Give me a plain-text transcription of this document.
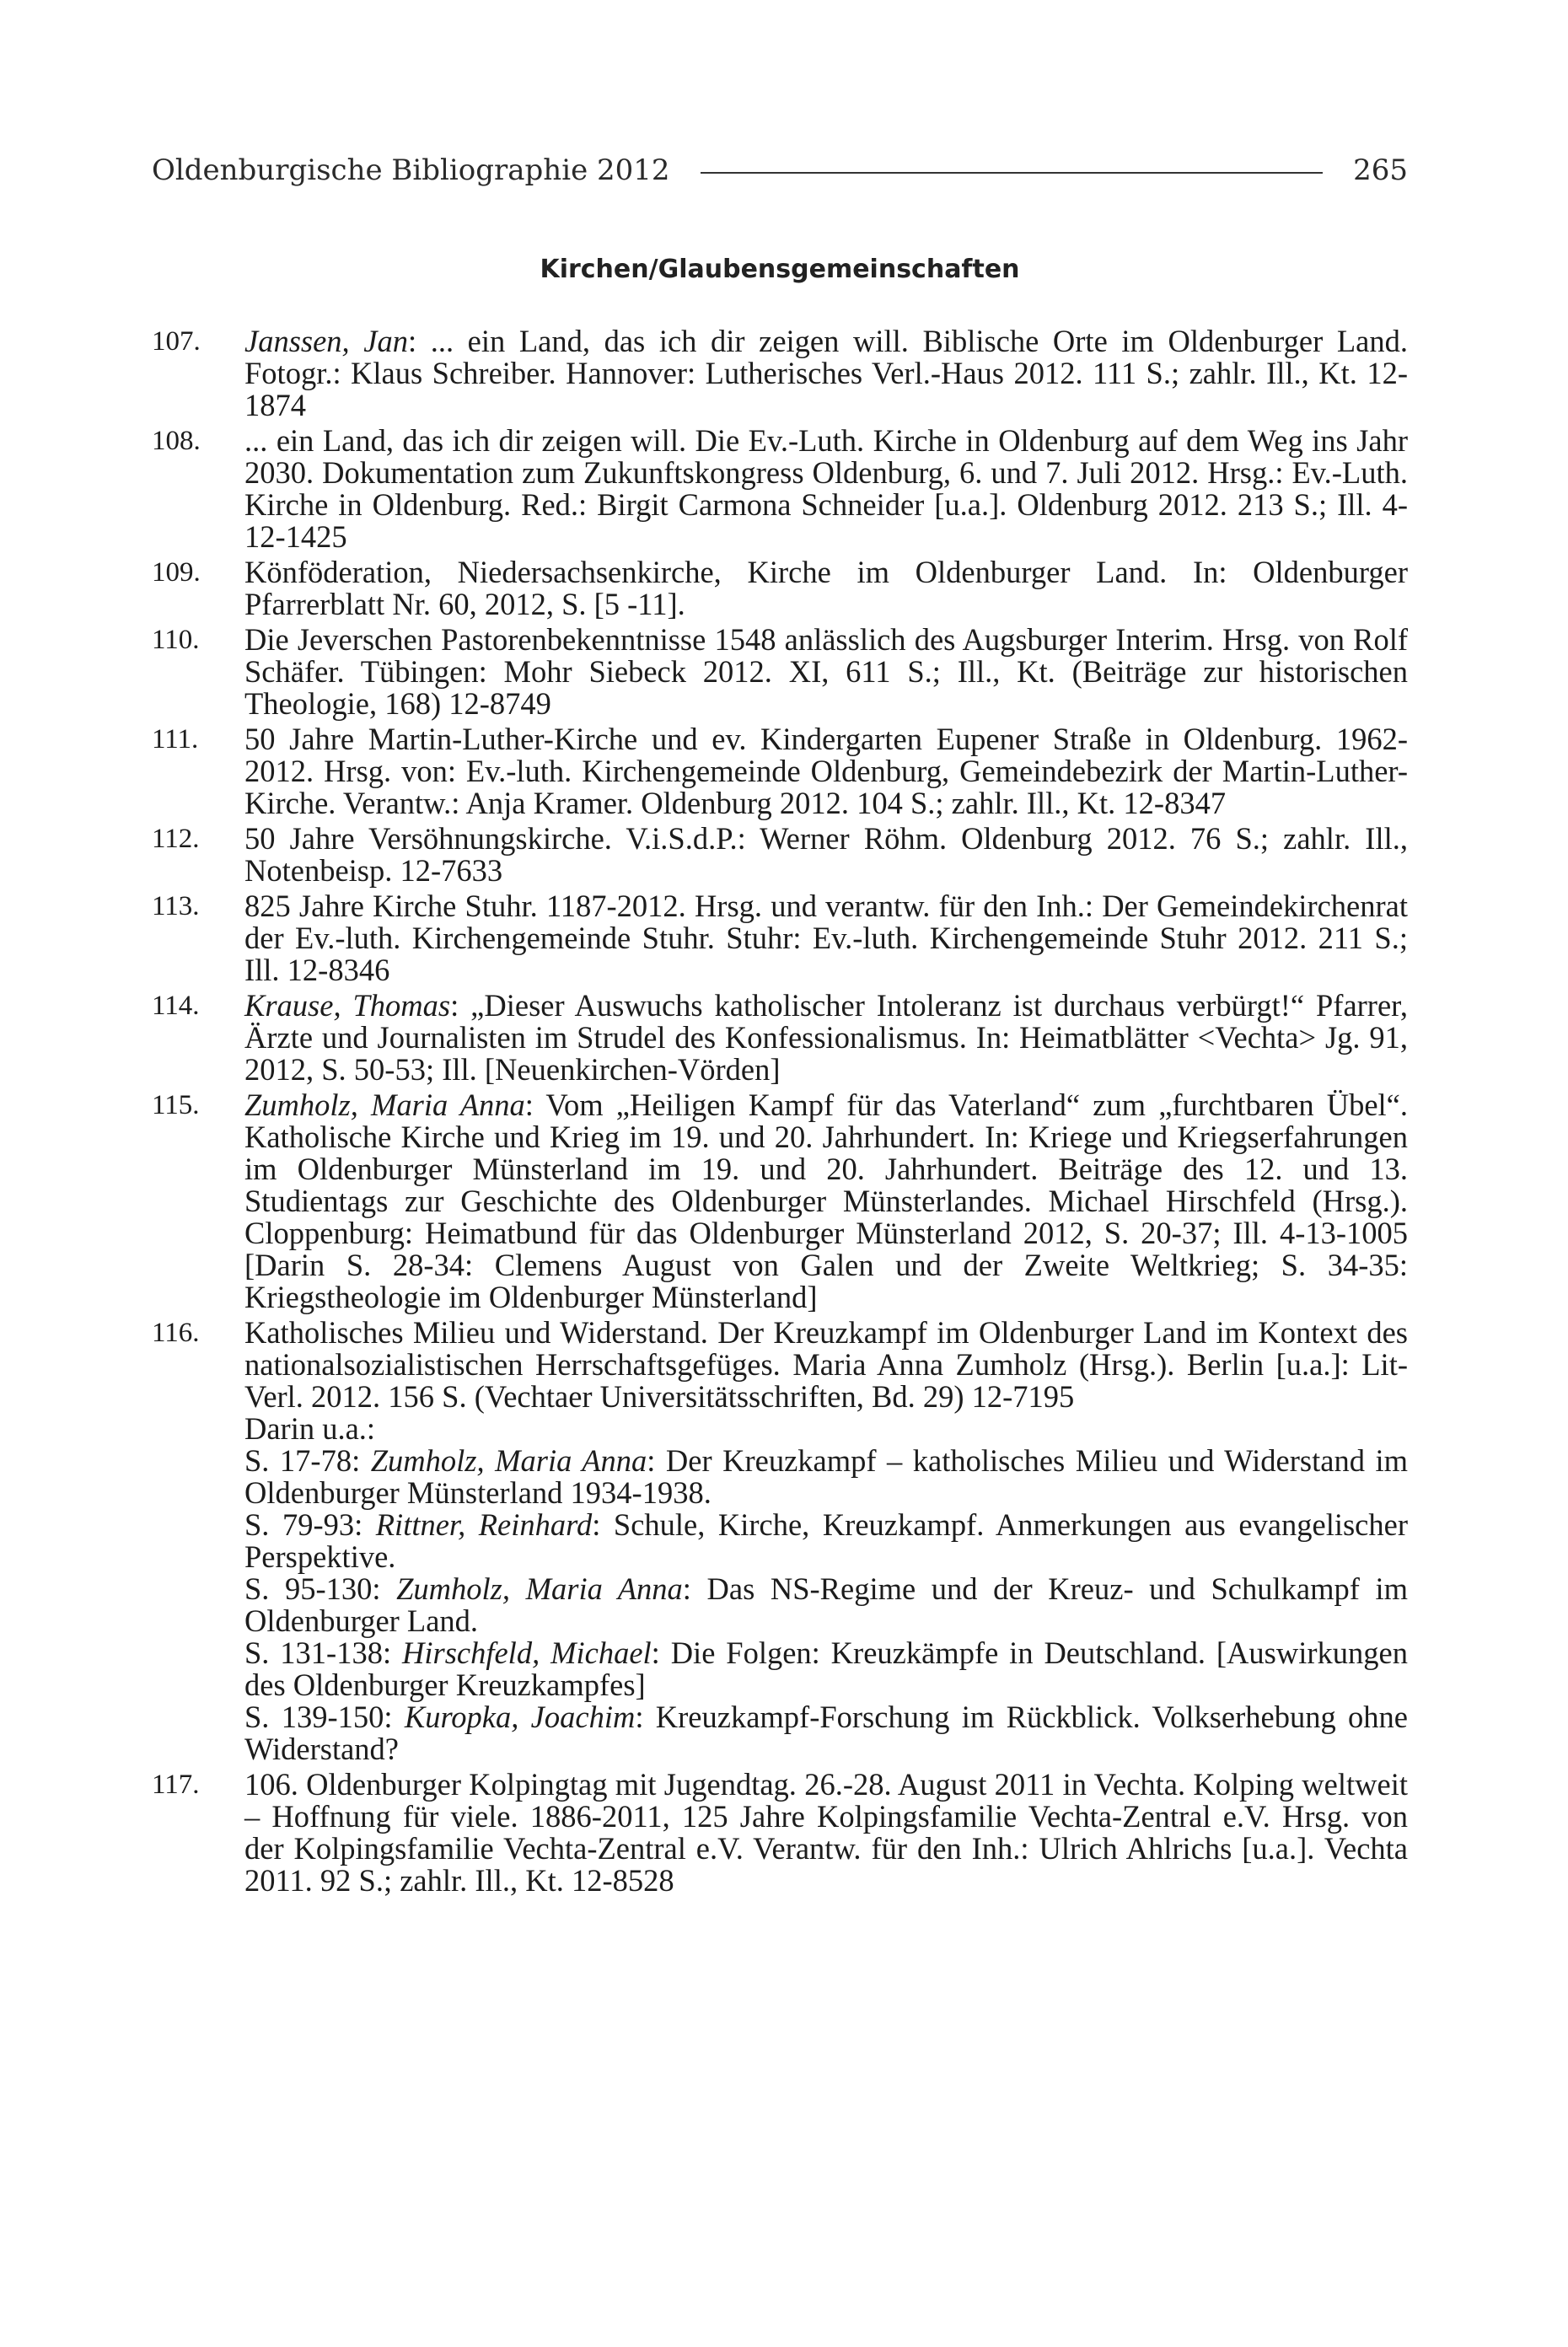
Oldenburgische Bibliographie 2012	265
Kirchen/Glaubensgemeinschaften
107.	Janssen, Jan: ... ein Land, das ich dir zeigen will. Biblische Orte im Oldenburger Land. Fotogr.: Klaus Schreiber. Hannover: Lutherisches Verl.-Haus 2012. 111 S.; zahlr. Ill., Kt. 12-1874
108.	... ein Land, das ich dir zeigen will. Die Ev.-Luth. Kirche in Oldenburg auf dem Weg ins Jahr 2030. Dokumentation zum Zukunftskongress Oldenburg, 6. und 7. Juli 2012. Hrsg.: Ev.-Luth. Kirche in Oldenburg. Red.: Birgit Carmona Schneider [u.a.]. Oldenburg 2012. 213 S.; Ill. 4-12-1425
109.	Könföderation, Niedersachsenkirche, Kirche im Oldenburger Land. In: Oldenburger Pfarrerblatt Nr. 60, 2012, S. [5 -11].
110.	Die Jeverschen Pastorenbekenntnisse 1548 anlässlich des Augsburger Interim. Hrsg. von Rolf Schäfer. Tübingen: Mohr Siebeck 2012. XI, 611 S.; Ill., Kt. (Beiträge zur historischen Theologie, 168) 12-8749
111.	50 Jahre Martin-Luther-Kirche und ev. Kindergarten Eupener Straße in Oldenburg. 1962-2012. Hrsg. von: Ev.-luth. Kirchengemeinde Oldenburg, Gemeindebezirk der Martin-Luther-Kirche. Verantw.: Anja Kramer. Oldenburg 2012. 104 S.; zahlr. Ill., Kt. 12-8347
112.	50 Jahre Versöhnungskirche. V.i.S.d.P.: Werner Röhm. Oldenburg 2012. 76 S.; zahlr. Ill., Notenbeisp. 12-7633
113.	825 Jahre Kirche Stuhr. 1187-2012. Hrsg. und verantw. für den Inh.: Der Gemeindekirchenrat der Ev.-luth. Kirchengemeinde Stuhr. Stuhr: Ev.-luth. Kirchengemeinde Stuhr 2012. 211 S.; Ill. 12-8346
114.	Krause, Thomas: „Dieser Auswuchs katholischer Intoleranz ist durchaus verbürgt!“ Pfarrer, Ärzte und Journalisten im Strudel des Konfessionalismus. In: Heimatblätter <Vechta> Jg. 91, 2012, S. 50-53; Ill. [Neuenkirchen-Vörden]
115.	Zumholz, Maria Anna: Vom „Heiligen Kampf für das Vaterland“ zum „furchtbaren Übel“. Katholische Kirche und Krieg im 19. und 20. Jahrhundert. In: Kriege und Kriegserfahrungen im Oldenburger Münsterland im 19. und 20. Jahrhundert. Beiträge des 12. und 13. Studientags zur Geschichte des Oldenburger Münsterlandes. Michael Hirschfeld (Hrsg.). Cloppenburg: Heimatbund für das Oldenburger Münsterland 2012, S. 20-37; Ill. 4-13-1005 [Darin S. 28-34: Clemens August von Galen und der Zweite Weltkrieg; S. 34-35: Kriegstheologie im Oldenburger Münsterland]
116.	Katholisches Milieu und Widerstand. Der Kreuzkampf im Oldenburger Land im Kontext des nationalsozialistischen Herrschaftsgefüges. Maria Anna Zumholz (Hrsg.). Berlin [u.a.]: Lit-Verl. 2012. 156 S. (Vechtaer Universitätsschriften, Bd. 29) 12-7195
Darin u.a.:
S. 17-78: Zumholz, Maria Anna: Der Kreuzkampf – katholisches Milieu und Widerstand im Oldenburger Münsterland 1934-1938.
S. 79-93: Rittner, Reinhard: Schule, Kirche, Kreuzkampf. Anmerkungen aus evangelischer Perspektive.
S. 95-130: Zumholz, Maria Anna: Das NS-Regime und der Kreuz- und Schulkampf im Oldenburger Land.
S. 131-138: Hirschfeld, Michael: Die Folgen: Kreuzkämpfe in Deutschland. [Auswirkungen des Oldenburger Kreuzkampfes]
S. 139-150: Kuropka, Joachim: Kreuzkampf-Forschung im Rückblick. Volkserhebung ohne Widerstand?
117.	106. Oldenburger Kolpingtag mit Jugendtag. 26.-28. August 2011 in Vechta. Kolping weltweit – Hoffnung für viele. 1886-2011, 125 Jahre Kolpingsfamilie Vechta-Zentral e.V. Hrsg. von der Kolpingsfamilie Vechta-Zentral e.V. Verantw. für den Inh.: Ulrich Ahlrichs [u.a.]. Vechta 2011. 92 S.; zahlr. Ill., Kt. 12-8528
